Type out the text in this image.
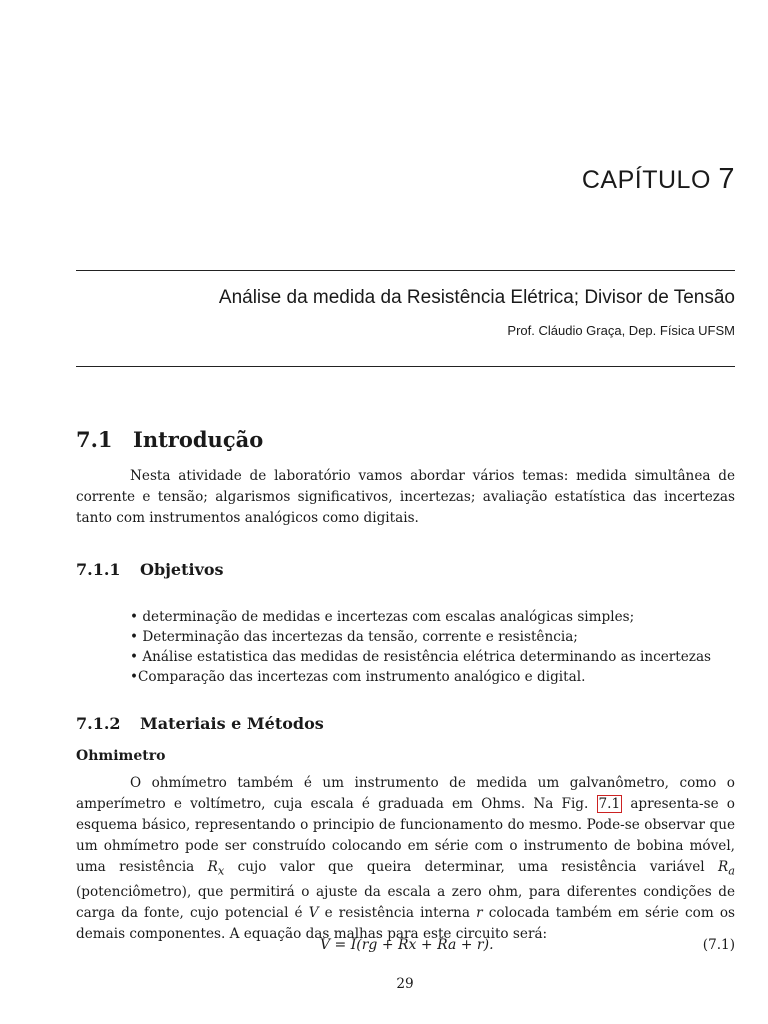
CAPÍTULO 7
Análise da medida da Resistência Elétrica; Divisor de Tensão
Prof. Cláudio Graça, Dep. Física UFSM
7.1 Introdução

Nesta atividade de laboratório vamos abordar vários temas: medida simultânea de corrente e tensão; algarismos significativos, incertezas; avaliação estatística das incertezas tanto com instrumentos analógicos como digitais.

7.1.1 Objetivos
• determinação de medidas e incertezas com escalas analógicas simples;
• Determinação das incertezas da tensão, corrente e resistência;
• Análise estatistica das medidas de resistência elétrica determinando as incertezas
•Comparação das incertezas com instrumento analógico e digital.
7.1.2 Materiais e Métodos
Ohmimetro

O ohmímetro também é um instrumento de medida um galvanômetro, como o amperímetro e voltímetro, cuja escala é graduada em Ohms. Na Fig. 7.1 apresenta-se o esquema básico, representando o principio de funcionamento do mesmo. Pode-se observar que um ohmímetro pode ser construído colocando em série com o instrumento de bobina móvel, uma resistência $R_x$ cujo valor que queira determinar, uma resistência variável $R_a$ (potenciômetro), que permitirá o ajuste da escala a zero ohm, para diferentes condições de carga da fonte, cujo potencial é V e resistência interna r colocada também em série com os demais componentes. A equação das malhas para este circuito será:

V = I(rg + Rx + Ra + r).	(7.1)
29
